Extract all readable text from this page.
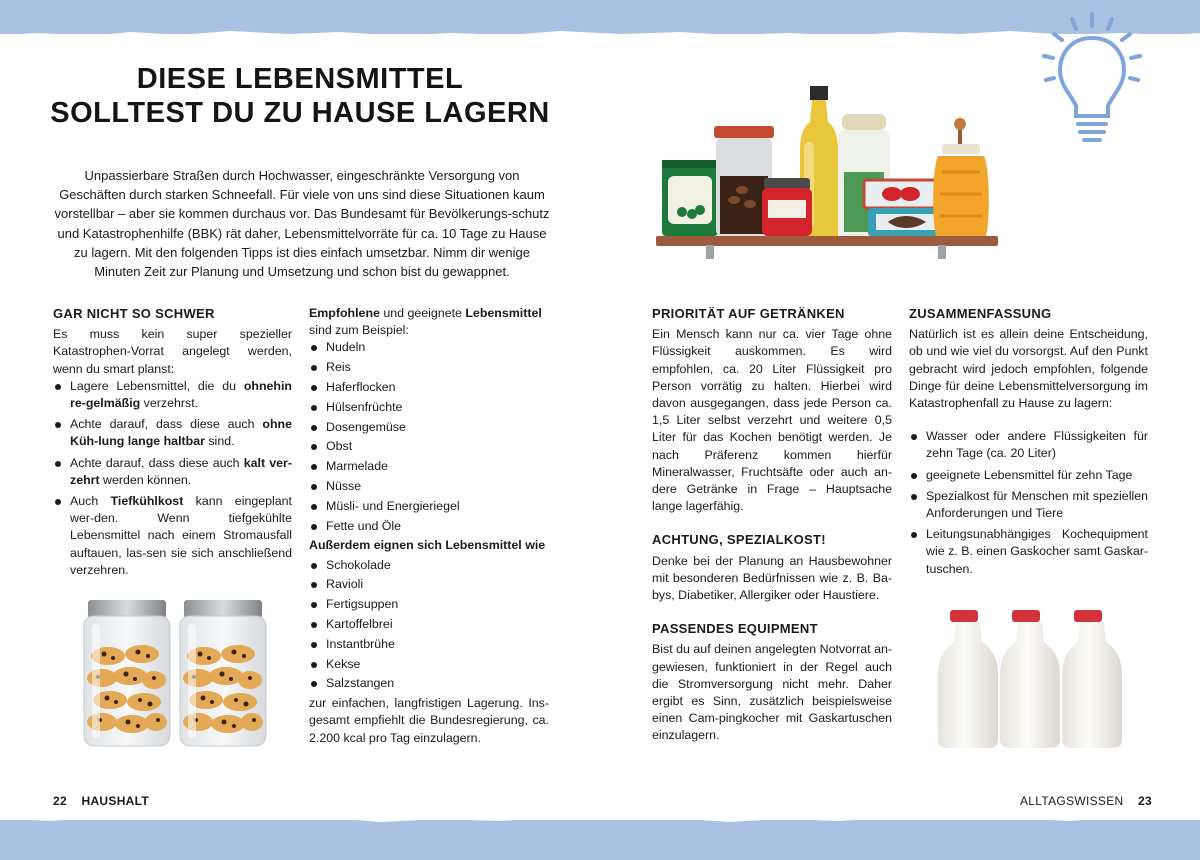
DIESE LEBENSMITTEL
SOLLTEST DU ZU HAUSE LAGERN
Unpassierbare Straßen durch Hochwasser, eingeschränkte Versorgung von Geschäften durch starken Schneefall. Für viele von uns sind diese Situationen kaum vorstellbar – aber sie kommen durchaus vor. Das Bundesamt für Bevölkerungs-schutz und Katastrophenhilfe (BBK) rät daher, Lebensmittelvorräte für ca. 10 Tage zu Hause zu lagern. Mit den folgenden Tipps ist dies einfach umsetzbar. Nimm dir wenige Minuten Zeit zur Planung und Umsetzung und schon bist du gewappnet.
GAR NICHT SO SCHWER

Es muss kein super spezieller Katastrophen-Vorrat angelegt werden, wenn du smart planst:

Lagere Lebensmittel, die du ohnehin re-gelmäßig verzehrst.
Achte darauf, dass diese auch ohne Küh-lung lange haltbar sind.
Achte darauf, dass diese auch kalt ver-zehrt werden können.
Auch Tiefkühlkost kann eingeplant wer-den. Wenn tiefgekühlte Lebensmittel nach einem Stromausfall auftauen, las-sen sie sich anschließend verzehren.

Empfohlene und geeignete Lebensmittel

sind zum Beispiel:

Nudeln
Reis
Haferflocken
Hülsenfrüchte
Dosengemüse
Obst
Marmelade
Nüsse
Müsli- und Energieriegel
Fette und Öle

Außerdem eignen sich Lebensmittel wie

Schokolade
Ravioli
Fertigsuppen
Kartoffelbrei
Instantbrühe
Kekse
Salzstangen

zur einfachen, langfristigen Lagerung. Ins-gesamt empfiehlt die Bundesregierung, ca. 2.200 kcal pro Tag einzulagern.

22 HAUSHALT
PRIORITÄT AUF GETRÄNKEN

Ein Mensch kann nur ca. vier Tage ohne Flüssigkeit auskommen. Es wird empfohlen, ca. 20 Liter Flüssigkeit pro Person vorrätig zu halten. Hierbei wird davon ausgegangen, dass jede Person ca. 1,5 Liter selbst verzehrt und weitere 0,5 Liter für das Kochen benötigt werden. Je nach Präferenz kommen hierfür Mineralwasser, Fruchtsäfte oder auch an-dere Getränke in Frage – Hauptsache lange lagerfähig.

ACHTUNG, SPEZIALKOST!

Denke bei der Planung an Hausbewohner mit besonderen Bedürfnissen wie z. B. Ba-bys, Diabetiker, Allergiker oder Haustiere.

PASSENDES EQUIPMENT

Bist du auf deinen angelegten Notvorrat an-gewiesen, funktioniert in der Regel auch die Stromversorgung nicht mehr. Daher ergibt es Sinn, zusätzlich beispielsweise einen Cam-pingkocher mit Gaskartuschen einzulagern.

ZUSAMMENFASSUNG

Natürlich ist es allein deine Entscheidung, ob und wie viel du vorsorgst. Auf den Punkt gebracht wird jedoch empfohlen, folgende Dinge für deine Lebensmittelversorgung im Katastrophenfall zu Hause zu lagern:

Wasser oder andere Flüssigkeiten für zehn Tage (ca. 20 Liter)
geeignete Lebensmittel für zehn Tage
Spezialkost für Menschen mit speziellen Anforderungen und Tiere
Leitungsunabhängiges Kochequipment wie z. B. einen Gaskocher samt Gaskar-tuschen.
ALLTAGSWISSEN 23
